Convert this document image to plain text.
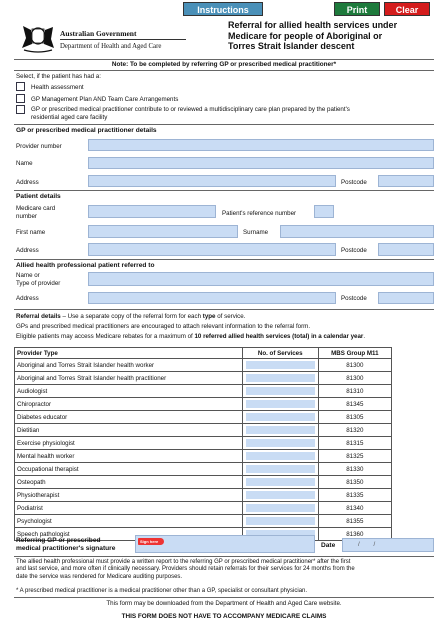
Instructions	Print	Clear
Australian Government
Department of Health and Aged Care
Referral for allied health services under
Medicare for people of Aboriginal or
Torres Strait Islander descent
Note: To be completed by referring GP or prescribed medical practitioner*
Select, if the patient has had a:
Health assessment
GP Management Plan AND Team Care Arrangements
GP or prescribed medical practitioner contribute to or reviewed a multidisciplinary care plan prepared by the patient's
residential aged care facility
GP or prescribed medical practitioner details
Provider number
Name
Address	Postcode
Patient details
Medicare card
number	Patient's reference number
First name	Surname
Address	Postcode
Allied health professional patient referred to
Name or
Type of provider
Address	Postcode
Referral details – Use a separate copy of the referral form for each type of service.
GPs and prescribed medical practitioners are encouraged to attach relevant information to the referral form.
Eligible patients may access Medicare rebates for a maximum of 10 referred allied health services (total) in a calendar year.
Provider Type	No. of Services	MBS Group M11
Aboriginal and Torres Strait Islander health worker		81300
Aboriginal and Torres Strait Islander health practitioner		81300
Audiologist		81310
Chiropractor		81345
Diabetes educator		81305
Dietitian		81320
Exercise physiologist		81315
Mental health worker		81325
Occupational therapist		81330
Osteopath		81350
Physiotherapist		81335
Podiatrist		81340
Psychologist		81355
Speech pathologist		81360
Referring GP or prescribed
medical practitioner's signature
Sign here
Date	/        /
The allied health professional must provide a written report to the referring GP or prescribed medical practitioner* after the first
and last service, and more often if clinically necessary. Providers should retain referrals for their services for 24 months from the
date the service was rendered for Medicare auditing purposes.
* A prescribed medical practitioner is a medical practitioner other than a GP, specialist or consultant physician.
This form may be downloaded from the Department of Health and Aged Care website.
THIS FORM DOES NOT HAVE TO ACCOMPANY MEDICARE CLAIMS
